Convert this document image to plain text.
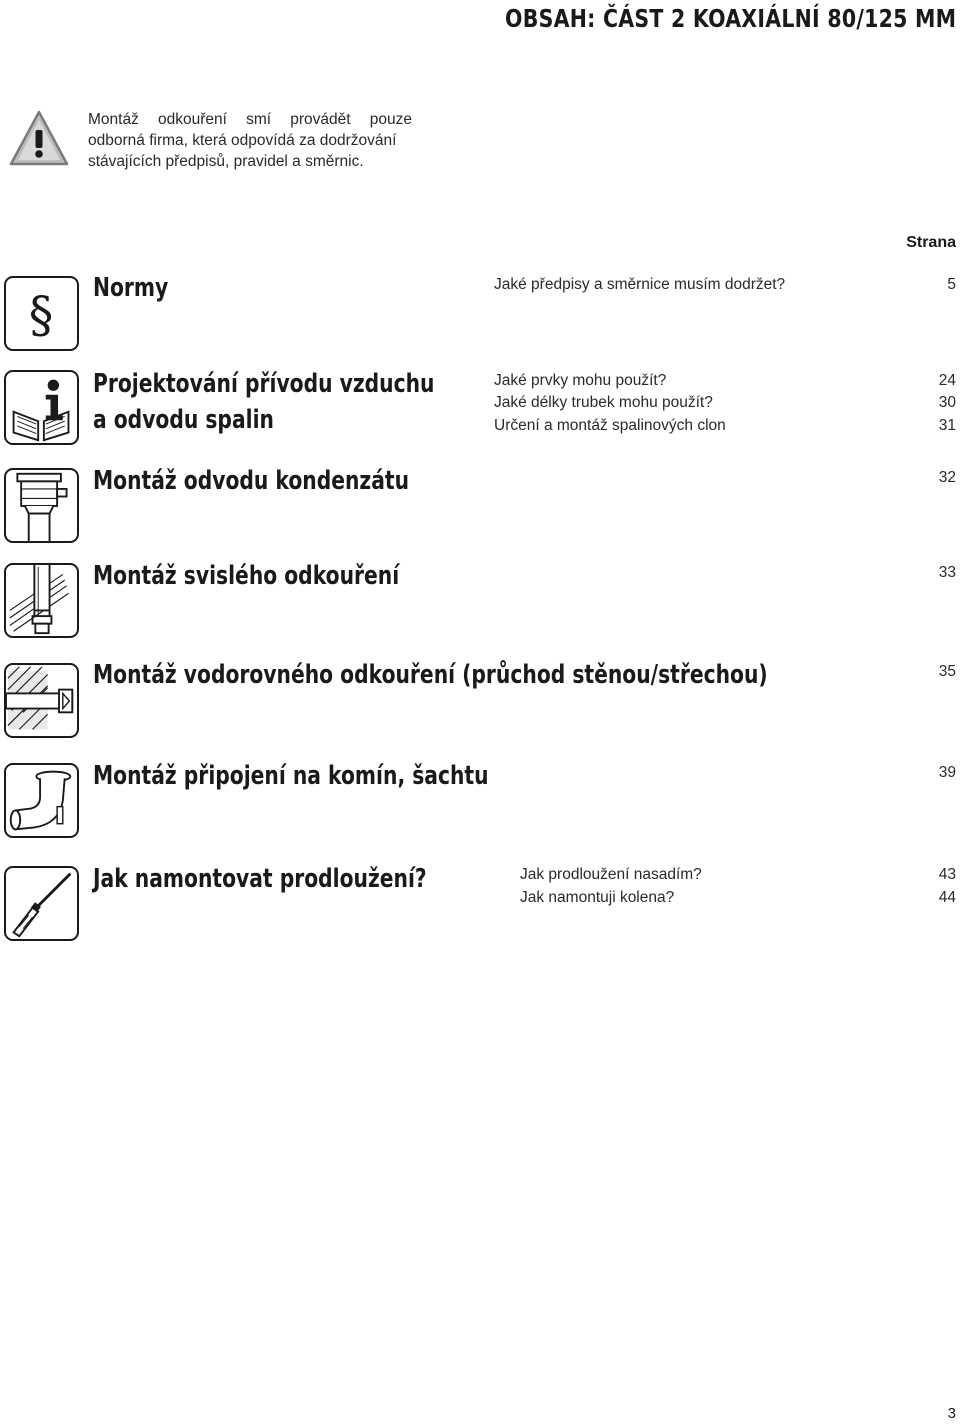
OBSAH: ČÁST 2 KOAXIÁLNÍ 80/125 MM
Montáž odkouření smí provádět pouze
odborná firma, která odpovídá za dodržování
stávajících předpisů, pravidel a směrnic.
Strana
§ Normy	Jaké předpisy a směrnice musím dodržet?	5
Projektování přívodu vzduchu
a odvodu spalin
Jaké prvky mohu použít?	24
Jaké délky trubek mohu použít?	30
Určení a montáž spalinových clon	31
Montáž odvodu kondenzátu	32
Montáž svislého odkouření	33
Montáž vodorovného odkouření (průchod stěnou/střechou)	35
Montáž připojení na komín, šachtu	39
Jak namontovat prodloužení?	Jak prodloužení nasadím?	43
Jak namontuji kolena?	44
3
